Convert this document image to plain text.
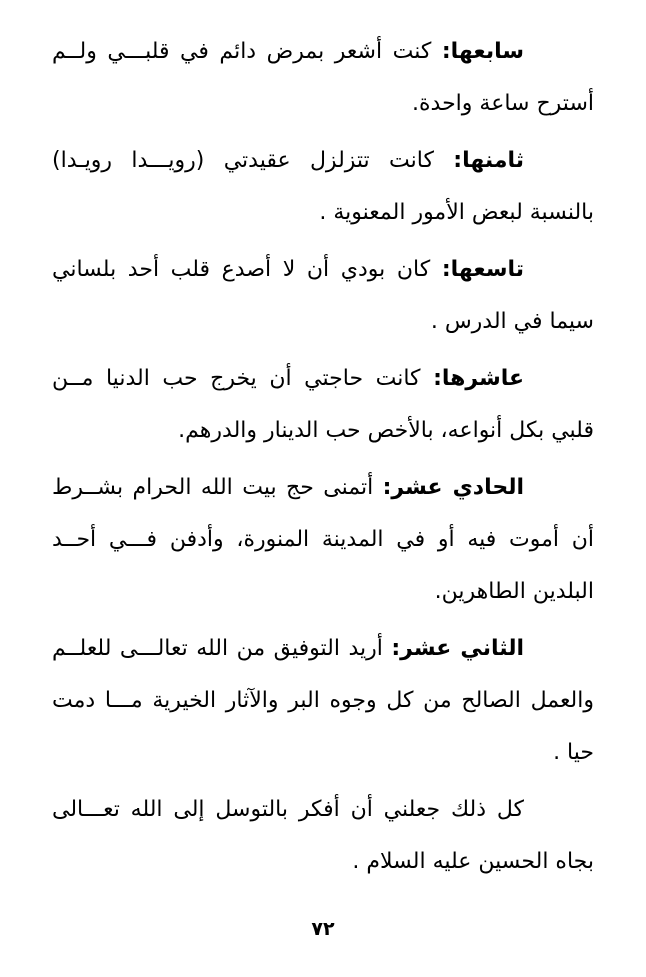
سابعها: كنت أشعر بمرض دائم في قلبـــي ولــم أسترح ساعة واحدة.

ثامنها: كانت تتزلزل عقيدتي (رويـــدا رويـدا) بالنسبة لبعض الأمور المعنوية .

تاسعها: كان بودي أن لا أصدع قلب أحد بلساني سيما في الدرس .

عاشرها: كانت حاجتي أن يخرج حب الدنيا مــن قلبي بكل أنواعه، بالأخص حب الدينار والدرهم.

الحادي عشر: أتمنى حج بيت الله الحرام بشــرط أن أموت فيه أو في المدينة المنورة، وأدفن فـــي أحــد البلدين الطاهرين.

الثاني عشر: أريد التوفيق من الله تعالـــى للعلــم والعمل الصالح من كل وجوه البر والآثار الخيرية مـــا دمت حيا .

كل ذلك جعلني أن أفكر بالتوسل إلى الله تعـــالى بجاه الحسين عليه السلام .

٧٢
